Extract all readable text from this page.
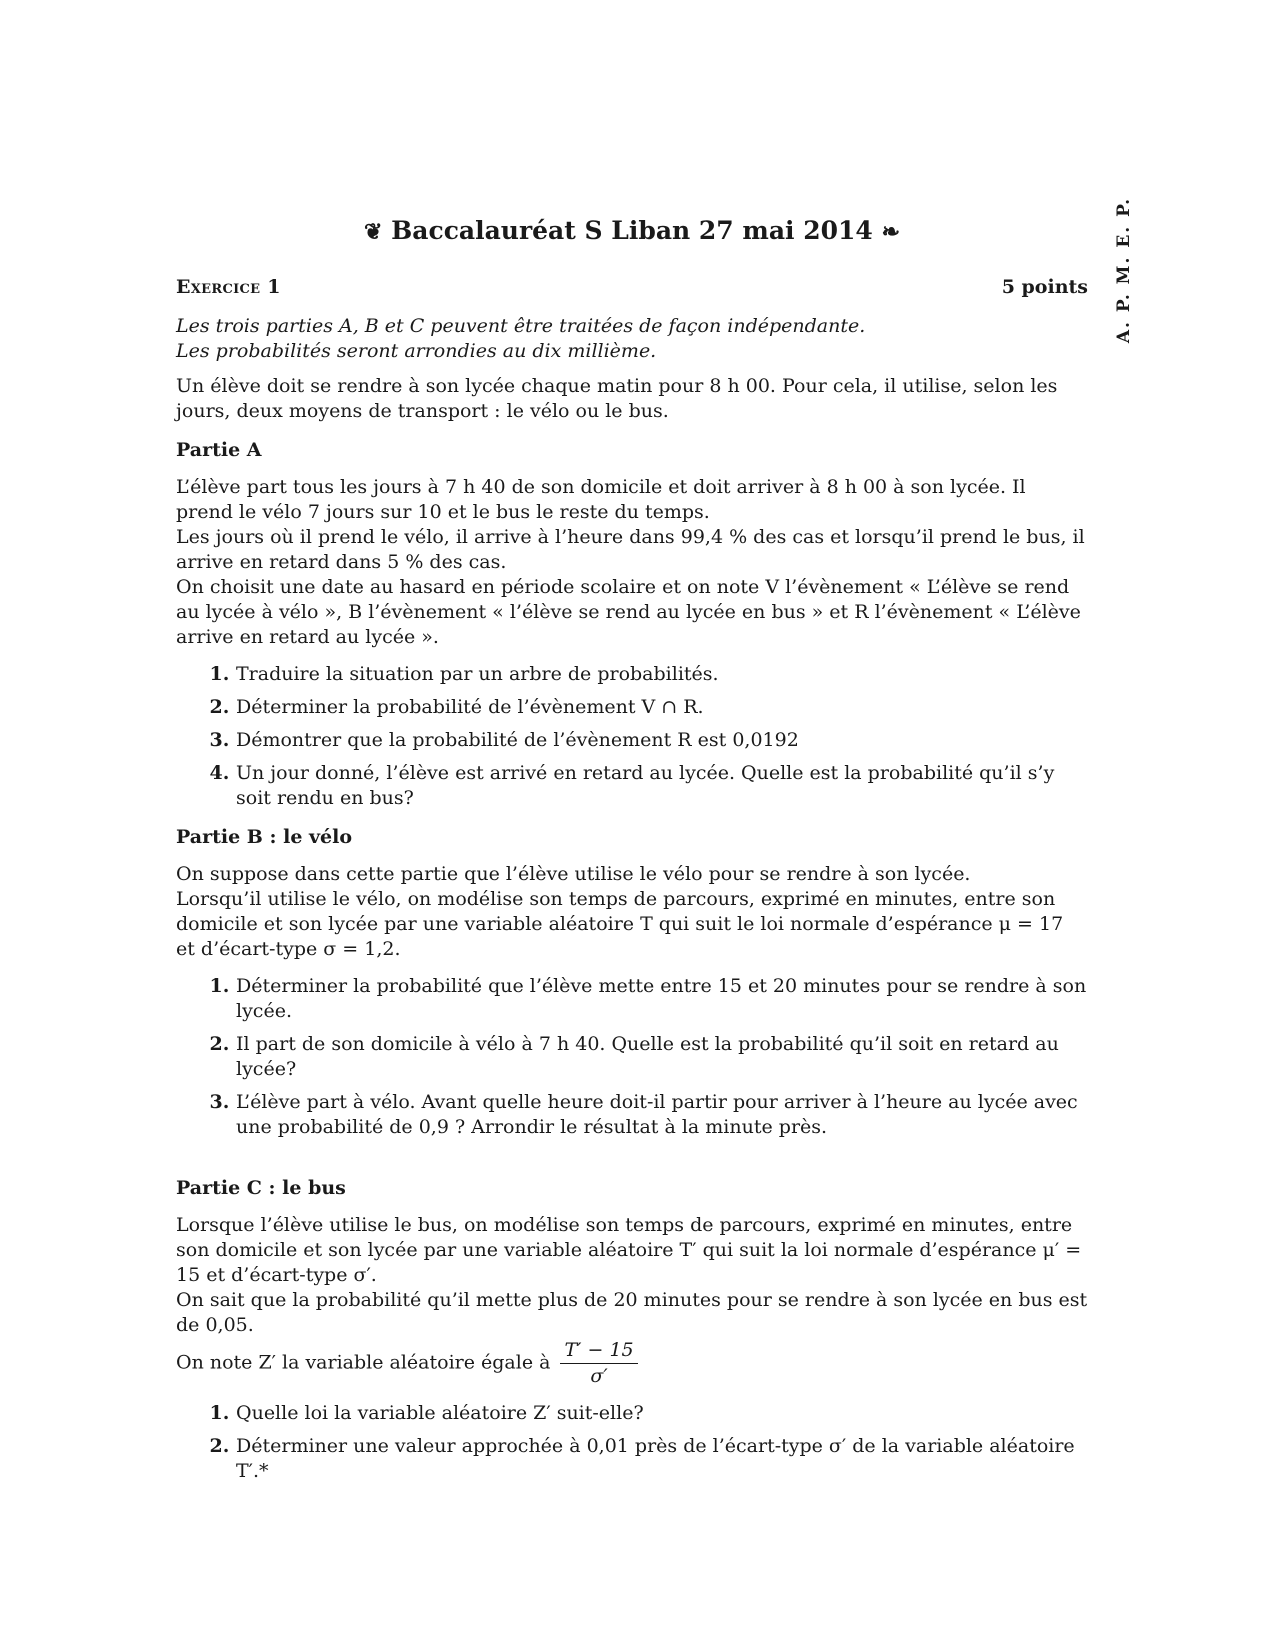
A. P. M. E. P.
❦ Baccalauréat S Liban 27 mai 2014 ❧
Exercice 1	5 points
Les trois parties A, B et C peuvent être traitées de façon indépendante.
Les probabilités seront arrondies au dix millième.

Un élève doit se rendre à son lycée chaque matin pour 8 h 00. Pour cela, il utilise, selon les jours, deux moyens de transport : le vélo ou le bus.

Partie A

L’élève part tous les jours à 7 h 40 de son domicile et doit arriver à 8 h 00 à son lycée. Il prend le vélo 7 jours sur 10 et le bus le reste du temps.

Les jours où il prend le vélo, il arrive à l’heure dans 99,4 % des cas et lorsqu’il prend le bus, il arrive en retard dans 5 % des cas.

On choisit une date au hasard en période scolaire et on note V l’évènement « L’élève se rend au lycée à vélo », B l’évènement « l’élève se rend au lycée en bus » et R l’évènement « L’élève arrive en retard au lycée ».

1. Traduire la situation par un arbre de probabilités.
2. Déterminer la probabilité de l’évènement V ∩ R.
3. Démontrer que la probabilité de l’évènement R est 0,0192
4. Un jour donné, l’élève est arrivé en retard au lycée. Quelle est la probabilité qu’il s’y soit rendu en bus?
Partie B : le vélo

On suppose dans cette partie que l’élève utilise le vélo pour se rendre à son lycée.

Lorsqu’il utilise le vélo, on modélise son temps de parcours, exprimé en minutes, entre son domicile et son lycée par une variable aléatoire T qui suit le loi normale d’espérance μ = 17 et d’écart-type σ = 1,2.

1. Déterminer la probabilité que l’élève mette entre 15 et 20 minutes pour se rendre à son lycée.
2. Il part de son domicile à vélo à 7 h 40. Quelle est la probabilité qu’il soit en retard au lycée?
3. L’élève part à vélo. Avant quelle heure doit-il partir pour arriver à l’heure au lycée avec une probabilité de 0,9 ? Arrondir le résultat à la minute près.
Partie C : le bus

Lorsque l’élève utilise le bus, on modélise son temps de parcours, exprimé en minutes, entre son domicile et son lycée par une variable aléatoire T′ qui suit la loi normale d’espérance μ′ = 15 et d’écart-type σ′.

On sait que la probabilité qu’il mette plus de 20 minutes pour se rendre à son lycée en bus est de 0,05.

On note Z′ la variable aléatoire égale à $\frac{T' - 15}{\sigma'}$

1. Quelle loi la variable aléatoire Z′ suit-elle?
2. Déterminer une valeur approchée à 0,01 près de l’écart-type σ′ de la variable aléatoire T′.*
